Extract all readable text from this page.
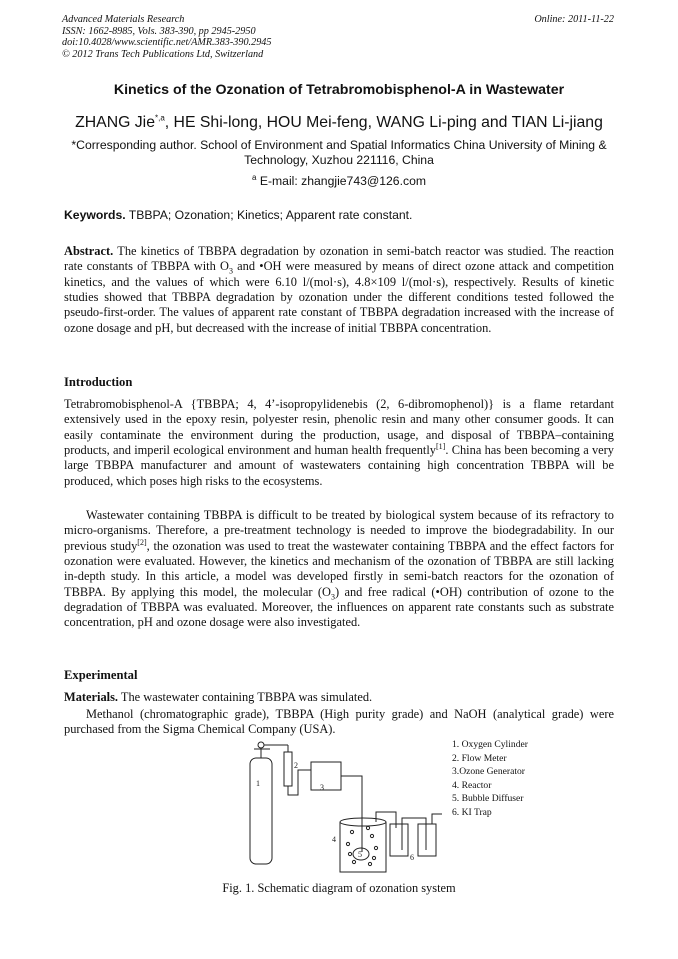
Advanced Materials Research
ISSN: 1662-8985, Vols. 383-390, pp 2945-2950
doi:10.4028/www.scientific.net/AMR.383-390.2945
© 2012 Trans Tech Publications Ltd, Switzerland
Online: 2011-11-22
Kinetics of the Ozonation of Tetrabromobisphenol-A in Wastewater
ZHANG Jie$^{*,a}$, HE Shi-long, HOU Mei-feng, WANG Li-ping and TIAN Li-jiang
*Corresponding author. School of Environment and Spatial Informatics China University of Mining & Technology, Xuzhou 221116, China
$^a$ E-mail: zhangjie743@126.com
Keywords. TBBPA; Ozonation; Kinetics; Apparent rate constant.
Abstract. The kinetics of TBBPA degradation by ozonation in semi-batch reactor was studied. The reaction rate constants of TBBPA with $O_3$ and •OH were measured by means of direct ozone attack and competition kinetics, and the values of which were 6.10 l/(mol·s), 4.8×109 l/(mol·s), respectively. Results of kinetic studies showed that TBBPA degradation by ozonation under the different conditions tested followed the pseudo-first-order. The values of apparent rate constant of TBBPA degradation increased with the increase of ozone dosage and pH, but decreased with the increase of initial TBBPA concentration.
Introduction
Tetrabromobisphenol-A {TBBPA; 4, 4’-isopropylidenebis (2, 6-dibromophenol)} is a flame retardant extensively used in the epoxy resin, polyester resin, phenolic resin and many other consumer goods. It can easily contaminate the environment during the production, usage, and disposal of TBBPA–containing products, and imperil ecological environment and human health frequently[1]. China has been becoming a very large TBBPA manufacturer and amount of wastewaters containing high concentration TBBPA will be produced, which poses high risks to the ecosystems.
Wastewater containing TBBPA is difficult to be treated by biological system because of its refractory to micro-organisms. Therefore, a pre-treatment technology is needed to improve the biodegradability. In our previous study[2], the ozonation was used to treat the wastewater containing TBBPA and the effect factors for ozonation were evaluated. However, the kinetics and mechanism of the ozonation of TBBPA are still lacking in-depth study. In this article, a model was developed firstly in semi-batch reactors for the ozonation of TBBPA. By applying this model, the molecular $(O_3)$ and free radical (•OH) contribution of ozone to the degradation of TBBPA was evaluated. Moreover, the influences on apparent rate constants such as substrate concentration, pH and ozone dosage were also investigated.
Experimental
Materials. The wastewater containing TBBPA was simulated.
Methanol (chromatographic grade), TBBPA (High purity grade) and NaOH (analytical grade) were purchased from the Sigma Chemical Company (USA).
1
2
3
4
5	6
1. Oxygen Cylinder
2. Flow Meter
3.Ozone Generator
4. Reactor
5. Bubble Diffuser
6. KI Trap
Fig. 1. Schematic diagram of ozonation system
